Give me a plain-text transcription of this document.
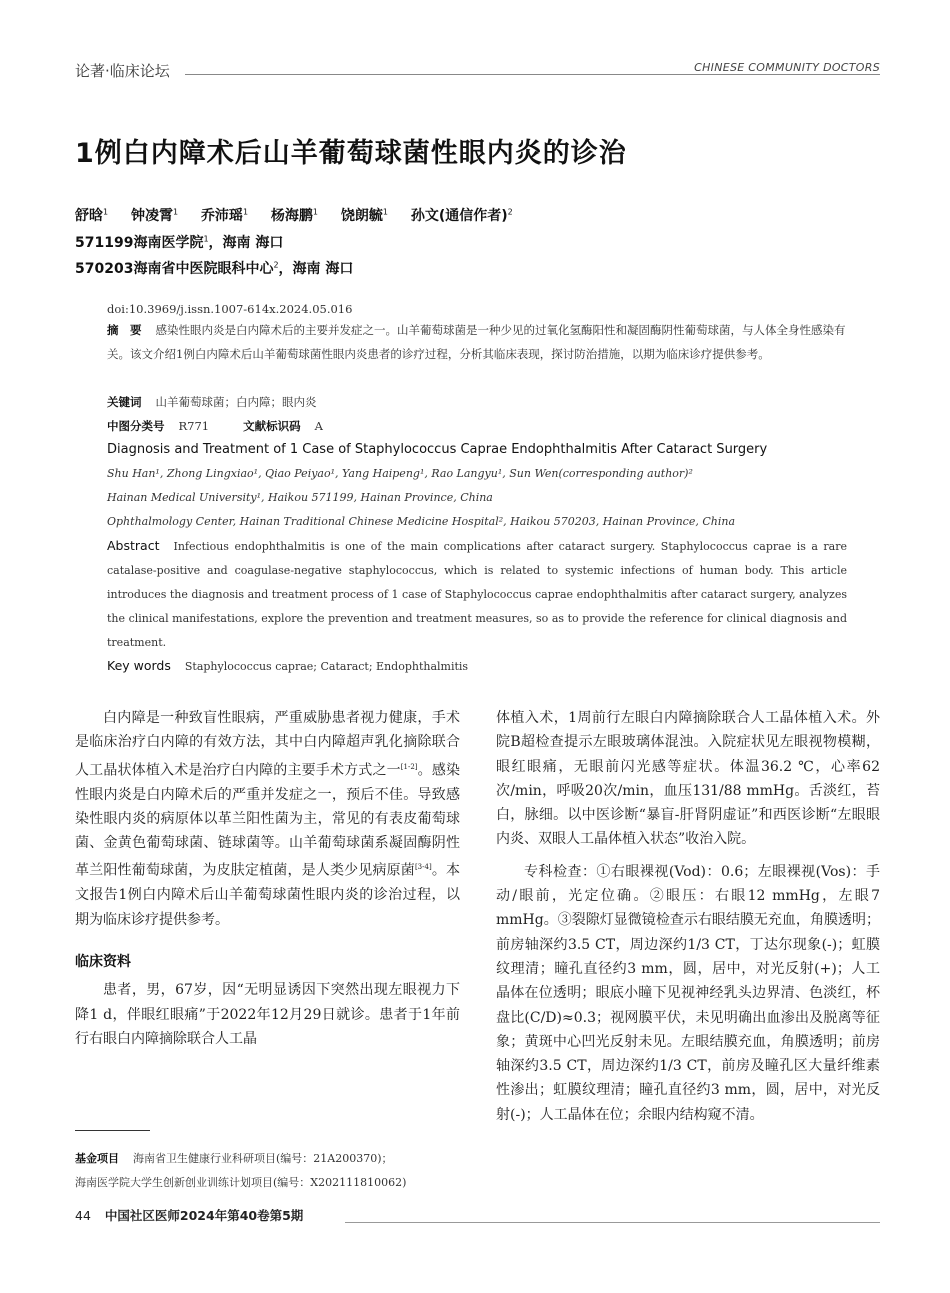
论著·临床论坛	CHINESE COMMUNITY DOCTORS
1例白内障术后山羊葡萄球菌性眼内炎的诊治
舒晗$^1$ 钟凌霄$^1$ 乔沛瑶$^1$ 杨海鹏$^1$ 饶朗毓$^1$ 孙文(通信作者)$^2$
571199海南医学院$^1$，海南 海口
570203海南省中医院眼科中心$^2$，海南 海口
doi:10.3969/j.issn.1007-614x.2024.05.016
摘　要 感染性眼内炎是白内障术后的主要并发症之一。山羊葡萄球菌是一种少见的过氧化氢酶阳性和凝固酶阴性葡萄球菌，与人体全身性感染有关。该文介绍1例白内障术后山羊葡萄球菌性眼内炎患者的诊疗过程，分析其临床表现，探讨防治措施，以期为临床诊疗提供参考。
关键词 山羊葡萄球菌；白内障；眼内炎
中图分类号 R771	文献标识码 A
Diagnosis and Treatment of 1 Case of Staphylococcus Caprae Endophthalmitis After Cataract Surgery
Shu Han¹, Zhong Lingxiao¹, Qiao Peiyao¹, Yang Haipeng¹, Rao Langyu¹, Sun Wen(corresponding author)²
Hainan Medical University¹, Haikou 571199, Hainan Province, China
Ophthalmology Center, Hainan Traditional Chinese Medicine Hospital², Haikou 570203, Hainan Province, China
Abstract Infectious endophthalmitis is one of the main complications after cataract surgery. Staphylococcus caprae is a rare catalase-positive and coagulase-negative staphylococcus, which is related to systemic infections of human body. This article introduces the diagnosis and treatment process of 1 case of Staphylococcus caprae endophthalmitis after cataract surgery, analyzes the clinical manifestations, explore the prevention and treatment measures, so as to provide the reference for clinical diagnosis and treatment.
Key words Staphylococcus caprae; Cataract; Endophthalmitis

白内障是一种致盲性眼病，严重威胁患者视力健康，手术是临床治疗白内障的有效方法，其中白内障超声乳化摘除联合人工晶状体植入术是治疗白内障的主要手术方式之一[1-2]。感染性眼内炎是白内障术后的严重并发症之一，预后不佳。导致感染性眼内炎的病原体以革兰阳性菌为主，常见的有表皮葡萄球菌、金黄色葡萄球菌、链球菌等。山羊葡萄球菌系凝固酶阴性革兰阳性葡萄球菌，为皮肤定植菌，是人类少见病原菌[3-4]。本文报告1例白内障术后山羊葡萄球菌性眼内炎的诊治过程，以期为临床诊疗提供参考。

临床资料

患者，男，67岁，因“无明显诱因下突然出现左眼视力下降1 d，伴眼红眼痛”于2022年12月29日就诊。患者于1年前行右眼白内障摘除联合人工晶

体植入术，1周前行左眼白内障摘除联合人工晶体植入术。外院B超检查提示左眼玻璃体混浊。入院症状见左眼视物模糊，眼红眼痛，无眼前闪光感等症状。体温36.2 ℃，心率62次/min，呼吸20次/min，血压131/88 mmHg。舌淡红，苔白，脉细。以中医诊断“暴盲-肝肾阴虚证”和西医诊断“左眼眼内炎、双眼人工晶体植入状态”收治入院。

专科检查：①右眼裸视(Vod)：0.6；左眼裸视(Vos)：手动/眼前，光定位确。②眼压：右眼12 mmHg，左眼7 mmHg。③裂隙灯显微镜检查示右眼结膜无充血，角膜透明；前房轴深约3.5 CT，周边深约1/3 CT，丁达尔现象(-)；虹膜纹理清；瞳孔直径约3 mm，圆，居中，对光反射(+)；人工晶体在位透明；眼底小瞳下见视神经乳头边界清、色淡红，杯盘比(C/D)≈0.3；视网膜平伏，未见明确出血渗出及脱离等征象；黄斑中心凹光反射未见。左眼结膜充血，角膜透明；前房轴深约3.5 CT，周边深约1/3 CT，前房及瞳孔区大量纤维素性渗出；虹膜纹理清；瞳孔直径约3 mm，圆，居中，对光反射(-)；人工晶体在位；余眼内结构窥不清。

基金项目 海南省卫生健康行业科研项目(编号：21A200370)；
海南医学院大学生创新创业训练计划项目(编号：X202111810062)
44 中国社区医师2024年第40卷第5期
